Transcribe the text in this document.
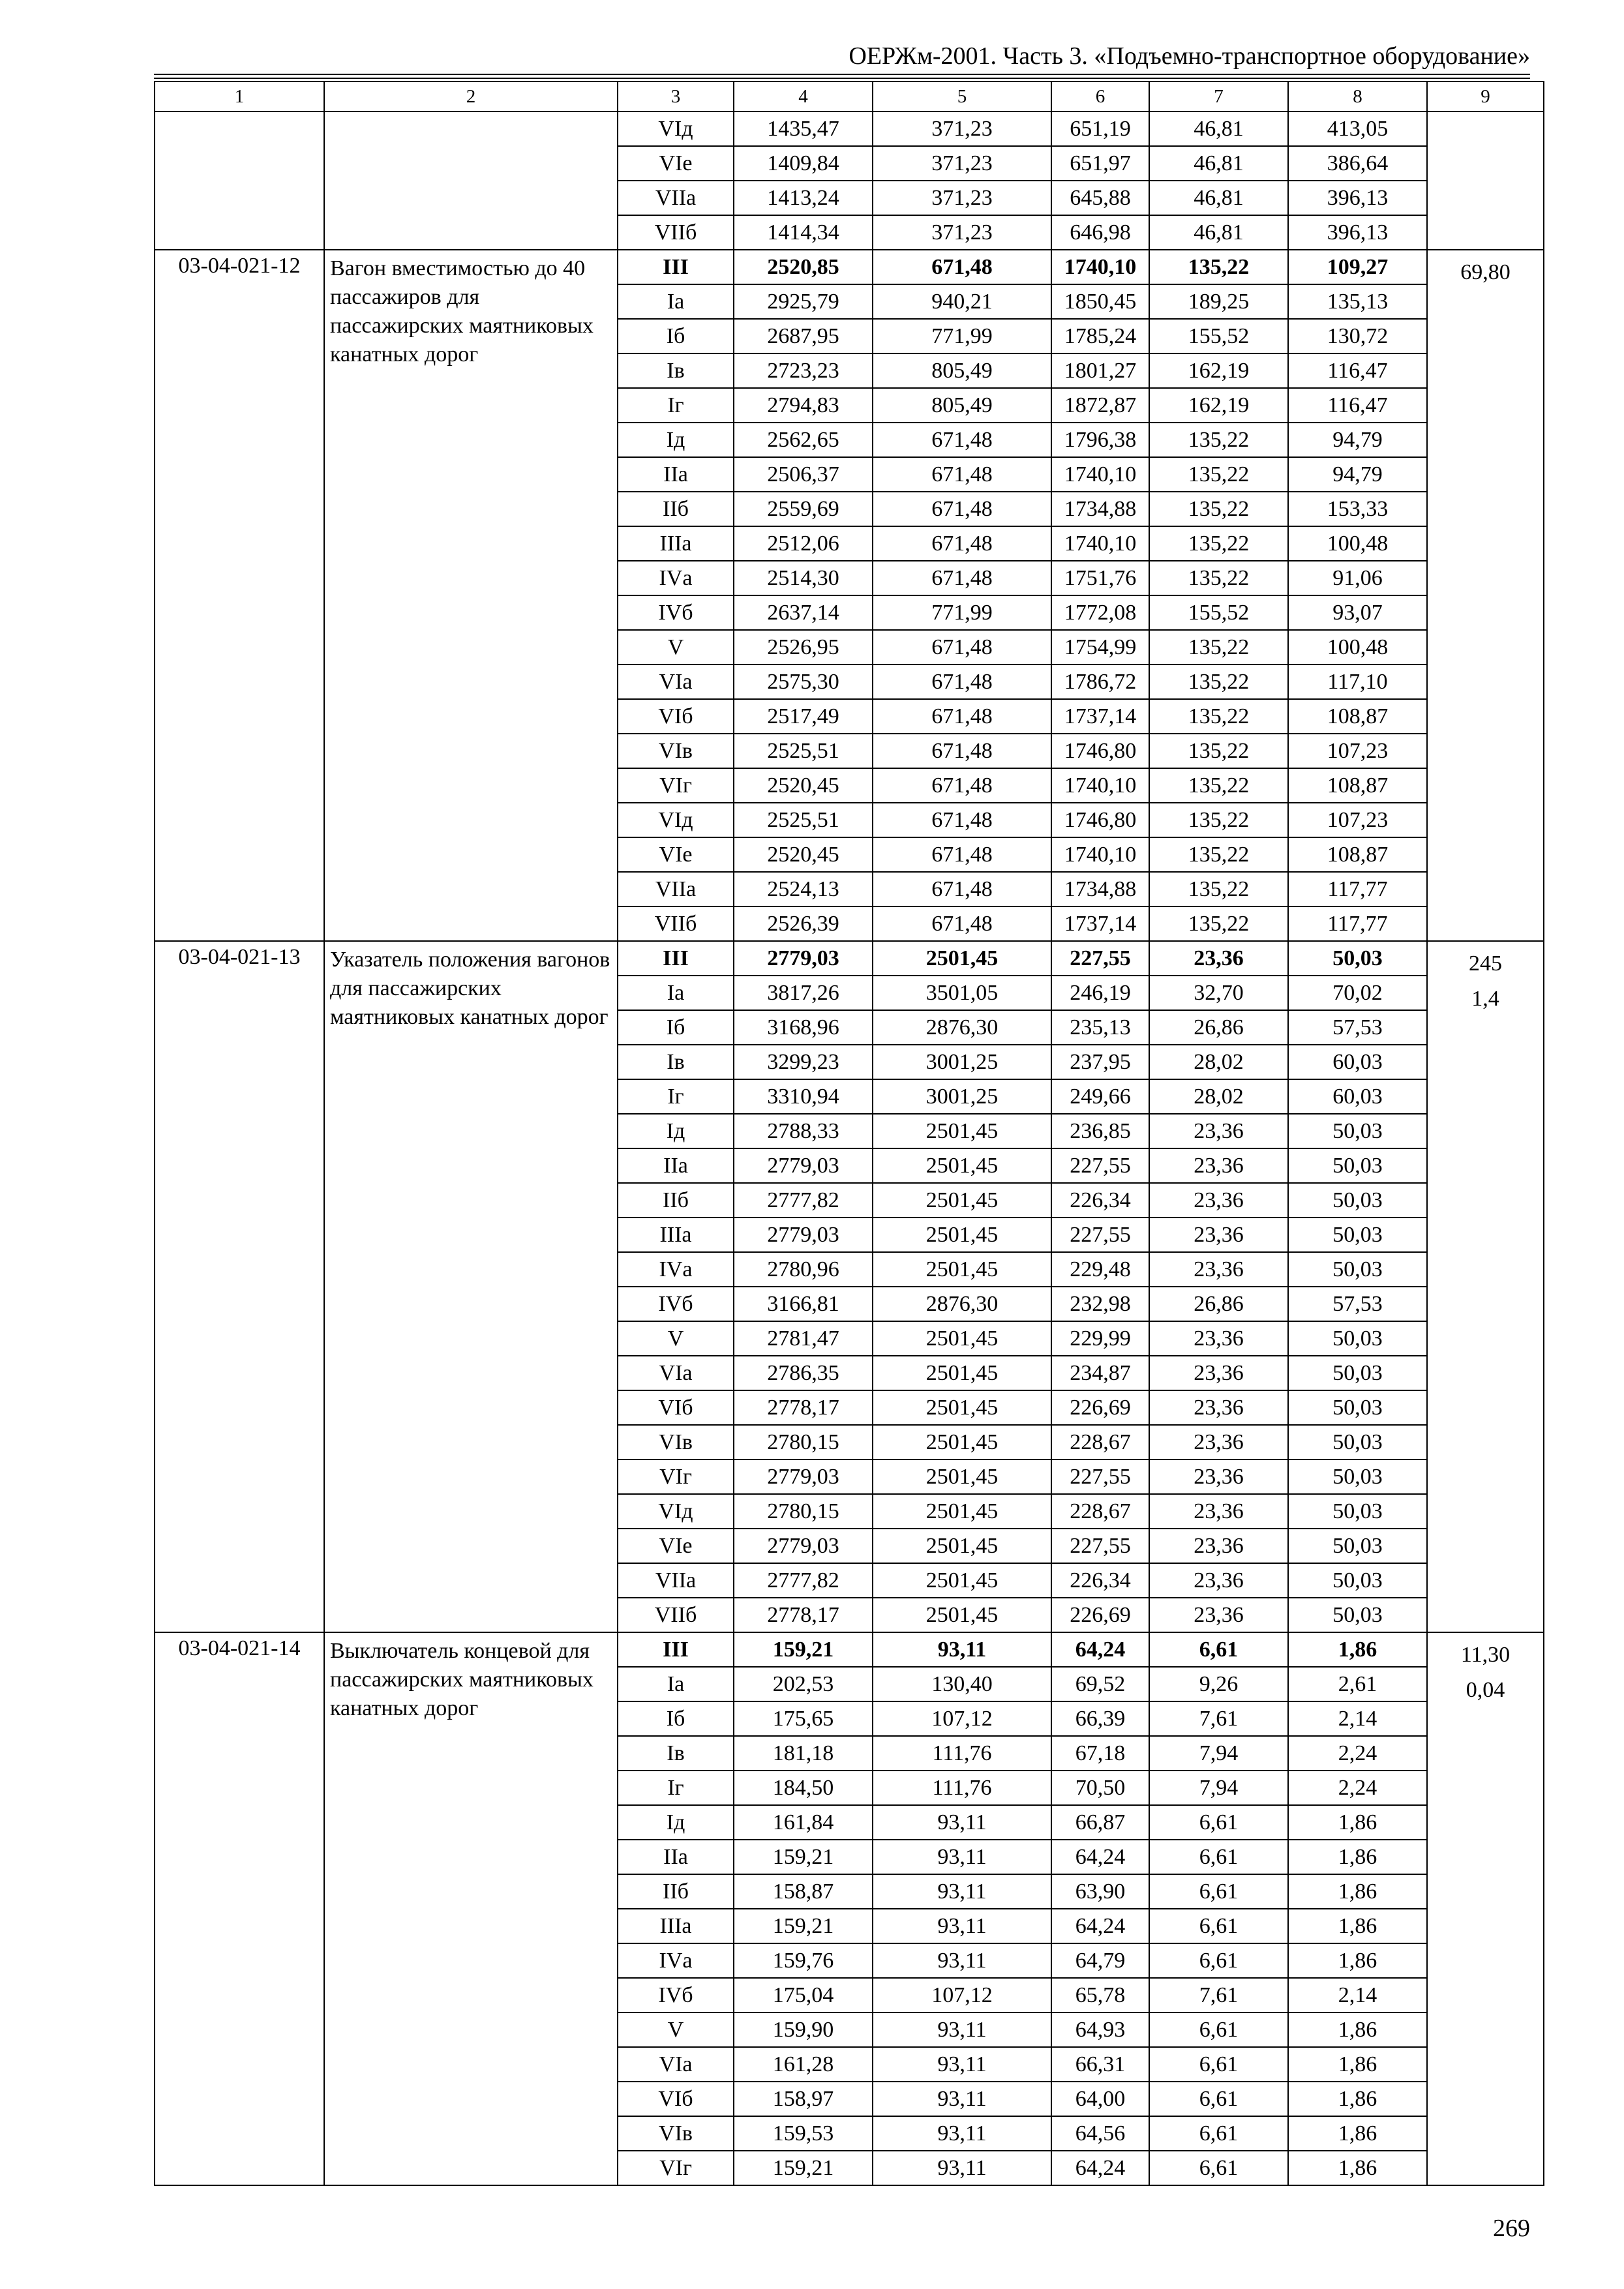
ОЕРЖм-2001. Часть 3. «Подъемно-транспортное оборудование»
1	2	3	4	5	6	7	8	9
		VIд	1435,47	371,23	651,19	46,81	413,05	
		VIе	1409,84	371,23	651,97	46,81	386,64	
		VIIа	1413,24	371,23	645,88	46,81	396,13	
		VIIб	1414,34	371,23	646,98	46,81	396,13	
03-04-021-12	Вагон вместимостью до 40 пассажиров для пассажирских маятниковых канатных дорог	III	2520,85	671,48	1740,10	135,22	109,27	69,80

		Iа	2925,79	940,21	1850,45	189,25	135,13	
		Iб	2687,95	771,99	1785,24	155,52	130,72	
		Iв	2723,23	805,49	1801,27	162,19	116,47	
		Iг	2794,83	805,49	1872,87	162,19	116,47	
		Iд	2562,65	671,48	1796,38	135,22	94,79	
		IIа	2506,37	671,48	1740,10	135,22	94,79	
		IIб	2559,69	671,48	1734,88	135,22	153,33	
		IIIа	2512,06	671,48	1740,10	135,22	100,48	
		IVа	2514,30	671,48	1751,76	135,22	91,06	
		IVб	2637,14	771,99	1772,08	155,52	93,07	
		V	2526,95	671,48	1754,99	135,22	100,48	
		VIа	2575,30	671,48	1786,72	135,22	117,10	
		VIб	2517,49	671,48	1737,14	135,22	108,87	
		VIв	2525,51	671,48	1746,80	135,22	107,23	
		VIг	2520,45	671,48	1740,10	135,22	108,87	
		VIд	2525,51	671,48	1746,80	135,22	107,23	
		VIе	2520,45	671,48	1740,10	135,22	108,87	
		VIIа	2524,13	671,48	1734,88	135,22	117,77	
		VIIб	2526,39	671,48	1737,14	135,22	117,77	
03-04-021-13	Указатель положения вагонов для пассажирских маятниковых канатных дорог	III	2779,03	2501,45	227,55	23,36	50,03	245
1,4

		Iа	3817,26	3501,05	246,19	32,70	70,02	
		Iб	3168,96	2876,30	235,13	26,86	57,53	
		Iв	3299,23	3001,25	237,95	28,02	60,03	
		Iг	3310,94	3001,25	249,66	28,02	60,03	
		Iд	2788,33	2501,45	236,85	23,36	50,03	
		IIа	2779,03	2501,45	227,55	23,36	50,03	
		IIб	2777,82	2501,45	226,34	23,36	50,03	
		IIIа	2779,03	2501,45	227,55	23,36	50,03	
		IVа	2780,96	2501,45	229,48	23,36	50,03	
		IVб	3166,81	2876,30	232,98	26,86	57,53	
		V	2781,47	2501,45	229,99	23,36	50,03	
		VIа	2786,35	2501,45	234,87	23,36	50,03	
		VIб	2778,17	2501,45	226,69	23,36	50,03	
		VIв	2780,15	2501,45	228,67	23,36	50,03	
		VIг	2779,03	2501,45	227,55	23,36	50,03	
		VIд	2780,15	2501,45	228,67	23,36	50,03	
		VIе	2779,03	2501,45	227,55	23,36	50,03	
		VIIа	2777,82	2501,45	226,34	23,36	50,03	
		VIIб	2778,17	2501,45	226,69	23,36	50,03	
03-04-021-14	Выключатель концевой для пассажирских маятниковых канатных дорог	III	159,21	93,11	64,24	6,61	1,86	11,30
0,04

		Iа	202,53	130,40	69,52	9,26	2,61	
		Iб	175,65	107,12	66,39	7,61	2,14	
		Iв	181,18	111,76	67,18	7,94	2,24	
		Iг	184,50	111,76	70,50	7,94	2,24	
		Iд	161,84	93,11	66,87	6,61	1,86	
		IIа	159,21	93,11	64,24	6,61	1,86	
		IIб	158,87	93,11	63,90	6,61	1,86	
		IIIа	159,21	93,11	64,24	6,61	1,86	
		IVа	159,76	93,11	64,79	6,61	1,86	
		IVб	175,04	107,12	65,78	7,61	2,14	
		V	159,90	93,11	64,93	6,61	1,86	
		VIа	161,28	93,11	66,31	6,61	1,86	
		VIб	158,97	93,11	64,00	6,61	1,86	
		VIв	159,53	93,11	64,56	6,61	1,86	
		VIг	159,21	93,11	64,24	6,61	1,86	
269
